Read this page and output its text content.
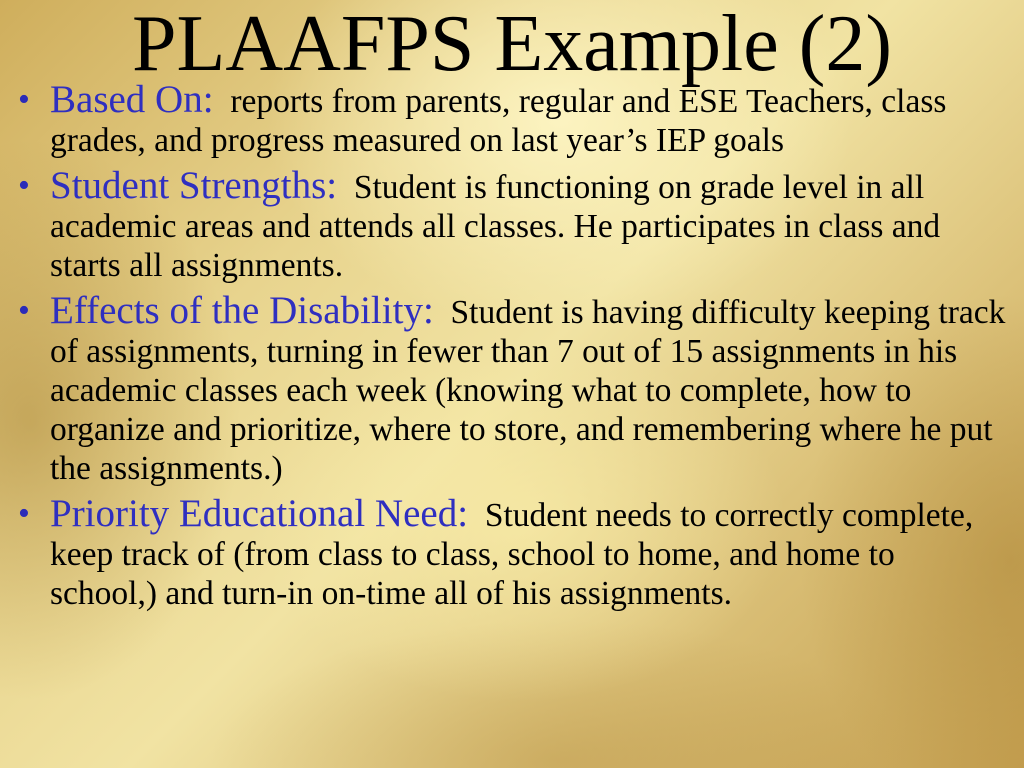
PLAAFPS Example (2)
• Based On: reports from parents, regular and ESE Teachers, class grades, and progress measured on last year’s IEP goals
• Student Strengths: Student is functioning on grade level in all academic areas and attends all classes. He participates in class and starts all assignments.
• Effects of the Disability: Student is having difficulty keeping track of assignments, turning in fewer than 7 out of 15 assignments in his academic classes each week (knowing what to complete, how to organize and prioritize, where to store, and remembering where he put the assignments.)
• Priority Educational Need: Student needs to correctly complete, keep track of (from class to class, school to home, and home to school,) and turn-in on-time all of his assignments.
